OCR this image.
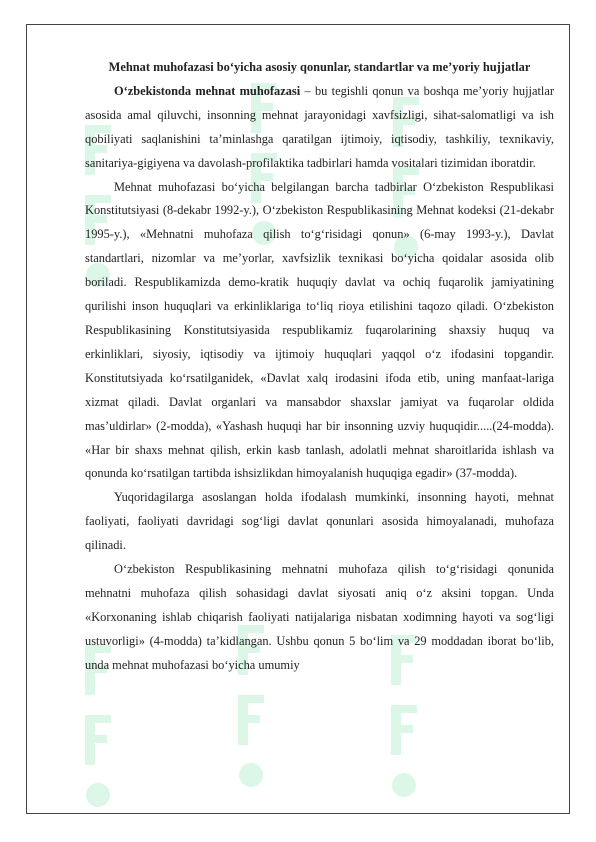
Mehnat muhofazasi bo‘yicha asosiy qonunlar, standartlar va me’yoriy hujjatlar

O‘zbekistonda mehnat muhofazasi – bu tegishli qonun va boshqa me’yoriy hujjatlar asosida amal qiluvchi, insonning mehnat jarayonidagi xavfsizligi, sihat-salomatligi va ish qobiliyati saqlanishini ta’minlashga qaratilgan ijtimoiy, iqtisodiy, tashkiliy, texnikaviy, sanitariya-gigiyena va davolash-profilaktika tadbirlari hamda vositalari tizimidan iboratdir.

Mehnat muhofazasi bo‘yicha belgilangan barcha tadbirlar O‘zbekiston Respublikasi Konstitutsiyasi (8-dekabr 1992-y.), O‘zbekiston Respublikasining Mehnat kodeksi (21-dekabr 1995-y.), «Mehnatni muhofaza qilish to‘g‘risidagi qonun» (6-may 1993-y.), Davlat standartlari, nizomlar va me’yorlar, xavfsizlik texnikasi bo‘yicha qoidalar asosida olib boriladi. Respublikamizda demo-kratik huquqiy davlat va ochiq fuqarolik jamiyatining qurilishi inson huquqlari va erkinliklariga to‘liq rioya etilishini taqozo qiladi. O‘zbekiston Respublikasining Konstitutsiyasida respublikamiz fuqarolarining shaxsiy huquq va erkinliklari, siyosiy, iqtisodiy va ijtimoiy huquqlari yaqqol o‘z ifodasini topgandir. Konstitutsiyada ko‘rsatilganidek, «Davlat xalq irodasini ifoda etib, uning manfaat-lariga xizmat qiladi. Davlat organlari va mansabdor shaxslar jamiyat va fuqarolar oldida mas’uldirlar» (2-modda), «Yashash huquqi har bir insonning uzviy huquqidir.....(24-modda). «Har bir shaxs mehnat qilish, erkin kasb tanlash, adolatli mehnat sharoitlarida ishlash va qonunda ko‘rsatilgan tartibda ishsizlikdan himoyalanish huquqiga egadir» (37-modda).

Yuqoridagilarga asoslangan holda ifodalash mumkinki, insonning hayoti, mehnat faoliyati, faoliyati davridagi sog‘ligi davlat qonunlari asosida himoyalanadi, muhofaza qilinadi.

O‘zbekiston Respublikasining mehnatni muhofaza qilish to‘g‘risidagi qonunida mehnatni muhofaza qilish sohasidagi davlat siyosati aniq o‘z aksini topgan. Unda «Korxonaning ishlab chiqarish faoliyati natijalariga nisbatan xodimning hayoti va sog‘ligi ustuvorligi» (4-modda) ta’kidlangan. Ushbu qonun 5 bo‘lim va 29 moddadan iborat bo‘lib, unda mehnat muhofazasi bo‘yicha umumiy
